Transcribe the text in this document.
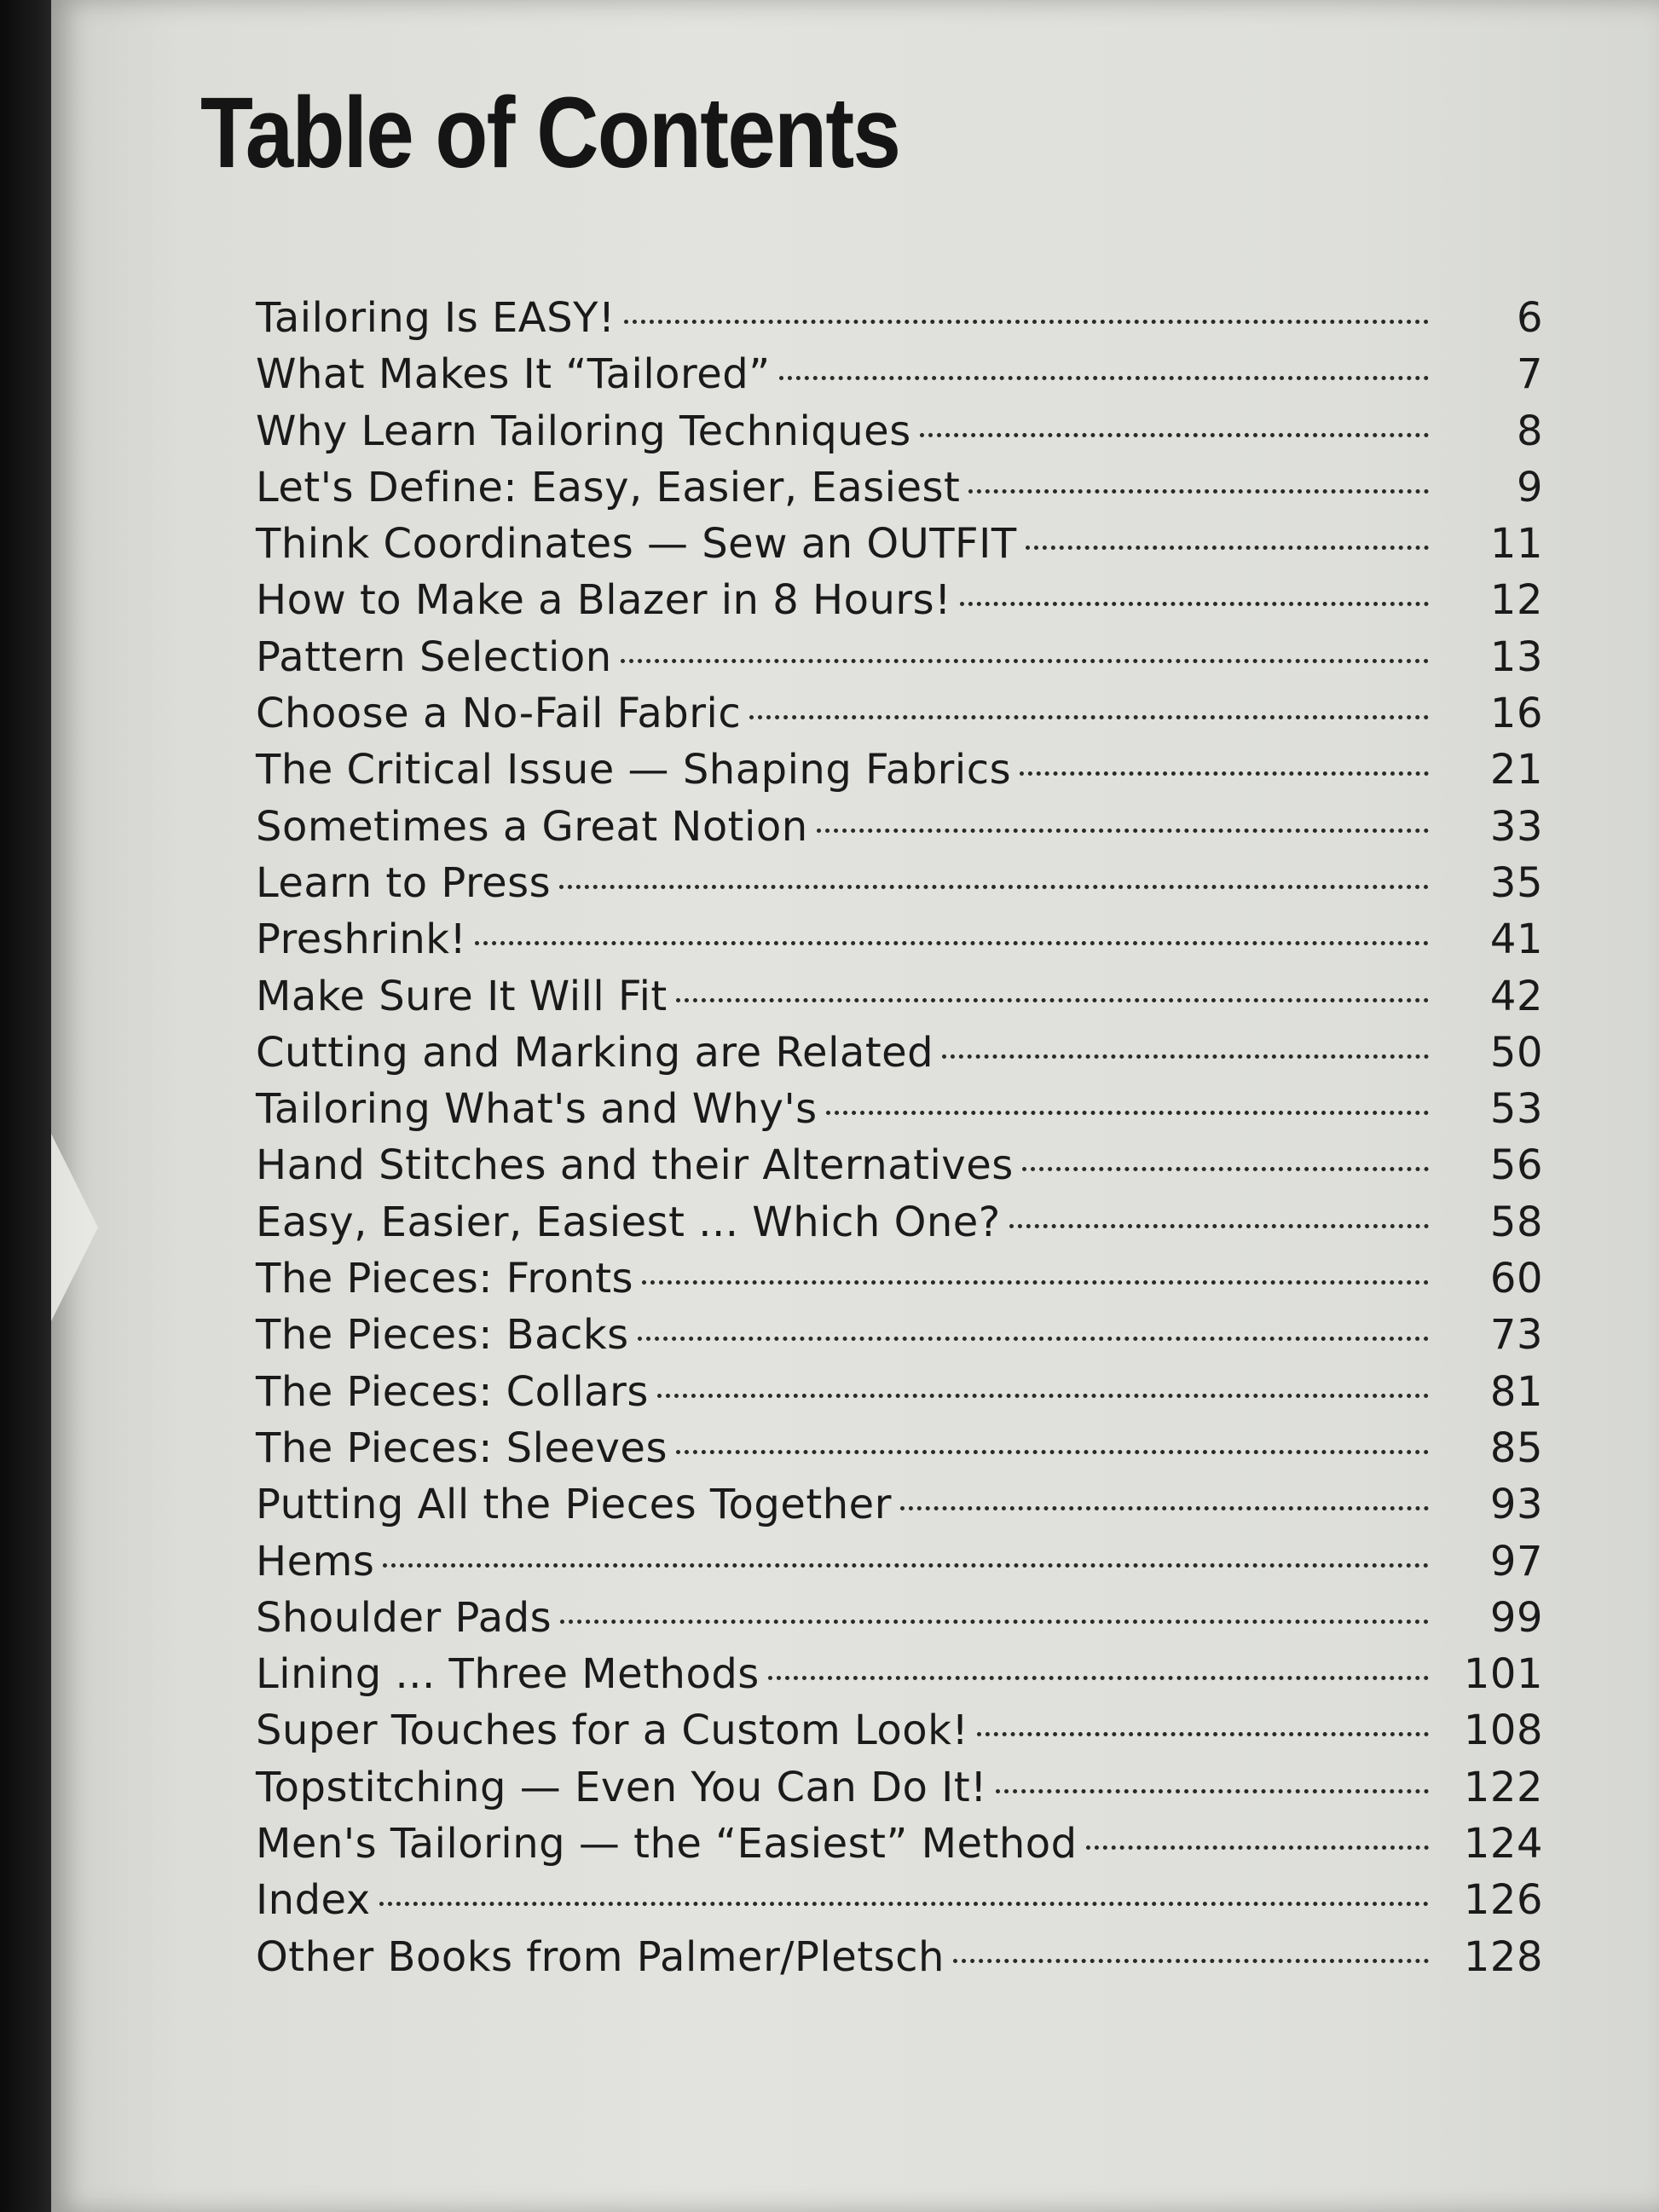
Table of Contents
Tailoring Is EASY!	6
What Makes It “Tailored”	7
Why Learn Tailoring Techniques	8
Let's Define: Easy, Easier, Easiest	9
Think Coordinates — Sew an OUTFIT	11
How to Make a Blazer in 8 Hours!	12
Pattern Selection	13
Choose a No-Fail Fabric	16
The Critical Issue — Shaping Fabrics	21
Sometimes a Great Notion	33
Learn to Press	35
Preshrink!	41
Make Sure It Will Fit	42
Cutting and Marking are Related	50
Tailoring What's and Why's	53
Hand Stitches and their Alternatives	56
Easy, Easier, Easiest ... Which One?	58
The Pieces: Fronts	60
The Pieces: Backs	73
The Pieces: Collars	81
The Pieces: Sleeves	85
Putting All the Pieces Together	93
Hems	97
Shoulder Pads	99
Lining ... Three Methods	101
Super Touches for a Custom Look!	108
Topstitching — Even You Can Do It!	122
Men's Tailoring — the “Easiest” Method	124
Index	126
Other Books from Palmer/Pletsch	128
